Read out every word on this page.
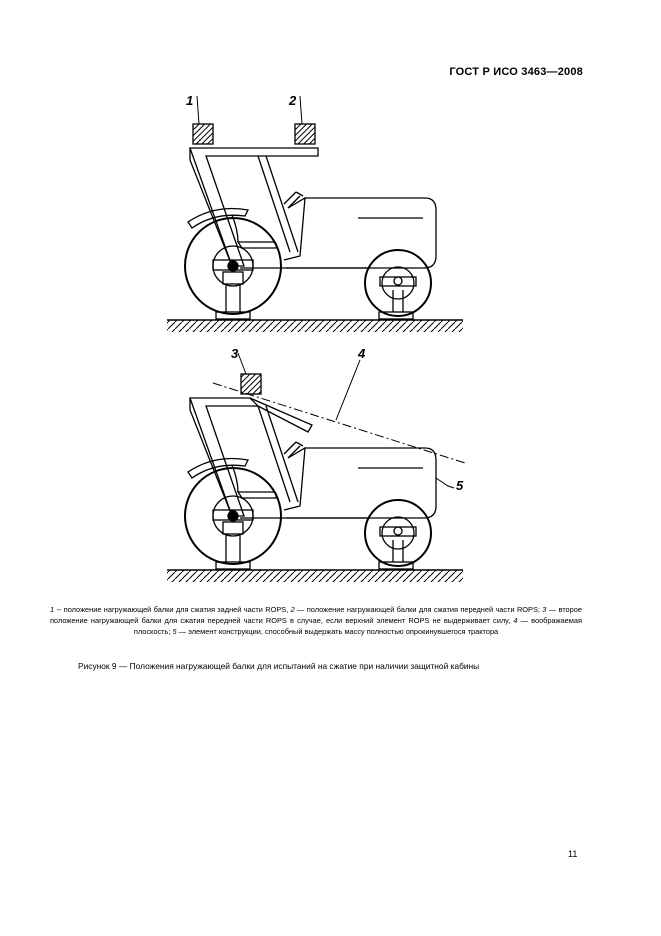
ГОСТ Р ИСО 3463—2008
1	2
3	4
5
1 -- положение нагружающей балки для сжатия задней части ROPS, 2 — положение нагружающей балки для сжатия передней части ROPS; 3 — второе положение нагружающей балки для сжатия передней части ROPS в случае, если верхний элемент ROPS не выдерживает силу, 4 — воображаемая плоскость; 5 — элемент конструкции, способный выдержать массу полностью опрокинувшегося трактора
Рисунок 9 — Положения нагружающей балки для испытаний на сжатие при наличии защитной кабины
11
